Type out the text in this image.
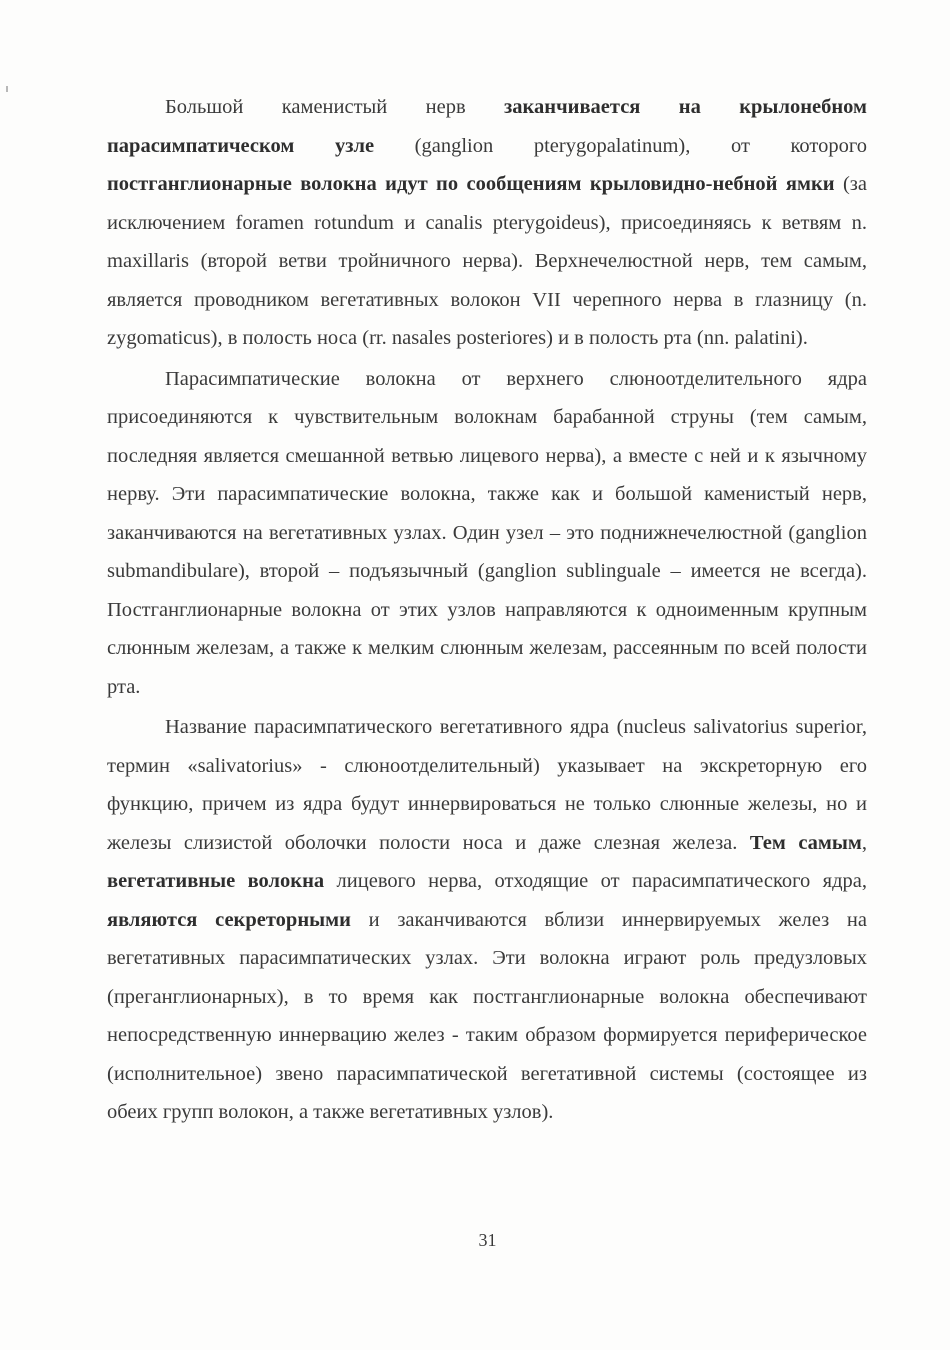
Большой каменистый нерв заканчивается на крылонебном парасимпатическом узле (ganglion pterygopalatinum), от которого постганглионарные волокна идут по сообщениям крыловидно-небной ямки (за исключением foramen rotundum и canalis pterygoideus), присоединяясь к ветвям n. maxillaris (второй ветви тройничного нерва). Верхнечелюстной нерв, тем самым, является проводником вегетативных волокон VII черепного нерва в глазницу (n. zygomaticus), в полость носа (rr. nasales posteriores) и в полость рта (nn. palatini).

Парасимпатические волокна от верхнего слюноотделительного ядра присоединяются к чувствительным волокнам барабанной струны (тем самым, последняя является смешанной ветвью лицевого нерва), а вместе с ней и к язычному нерву. Эти парасимпатические волокна, также как и большой каменистый нерв, заканчиваются на вегетативных узлах. Один узел – это поднижнечелюстной (ganglion submandibulare), второй – подъязычный (ganglion sublinguale – имеется не всегда). Постганглионарные волокна от этих узлов направляются к одноименным крупным слюнным железам, а также к мелким слюнным железам, рассеянным по всей полости рта.

Название парасимпатического вегетативного ядра (nucleus salivatorius superior, термин «salivatorius» - слюноотделительный) указывает на экскреторную его функцию, причем из ядра будут иннервироваться не только слюнные железы, но и железы слизистой оболочки полости носа и даже слезная железа. Тем самым, вегетативные волокна лицевого нерва, отходящие от парасимпатического ядра, являются секреторными и заканчиваются вблизи иннервируемых желез на вегетативных парасимпатических узлах. Эти волокна играют роль предузловых (преганглионарных), в то время как постганглионарные волокна обеспечивают непосредственную иннервацию желез - таким образом формируется периферическое (исполнительное) звено парасимпатической вегетативной системы (состоящее из обеих групп волокон, а также вегетативных узлов).

31
